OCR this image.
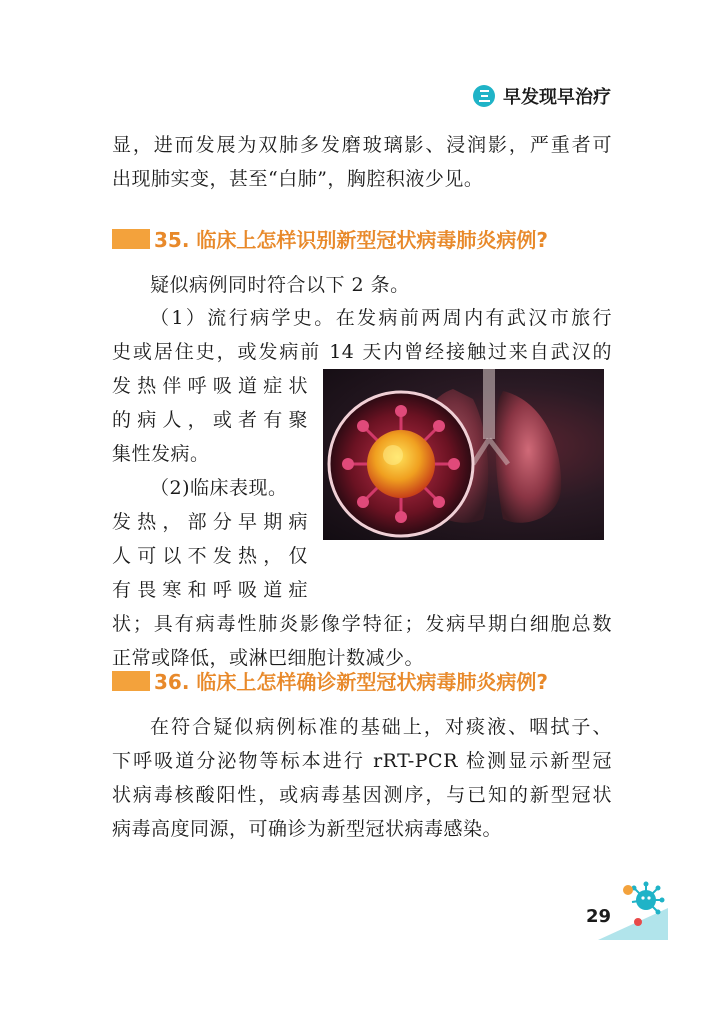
早发现早治疗

显，进而发展为双肺多发磨玻璃影、浸润影，严重者可

出现肺实变，甚至“白肺”，胸腔积液少见。

35. 临床上怎样识别新型冠状病毒肺炎病例?

疑似病例同时符合以下 2 条。

（1）流行病学史。在发病前两周内有武汉市旅行

史或居住史，或发病前 14 天内曾经接触过来自武汉的

发热伴呼吸道症状

的病人，或者有聚

集性发病。

（2)临床表现。

发热，部分早期病

人可以不发热，仅

有畏寒和呼吸道症

状；具有病毒性肺炎影像学特征；发病早期白细胞总数

正常或降低，或淋巴细胞计数减少。

36. 临床上怎样确诊新型冠状病毒肺炎病例?

在符合疑似病例标准的基础上，对痰液、咽拭子、

下呼吸道分泌物等标本进行 rRT-PCR 检测显示新型冠

状病毒核酸阳性，或病毒基因测序，与已知的新型冠状

病毒高度同源，可确诊为新型冠状病毒感染。

29
